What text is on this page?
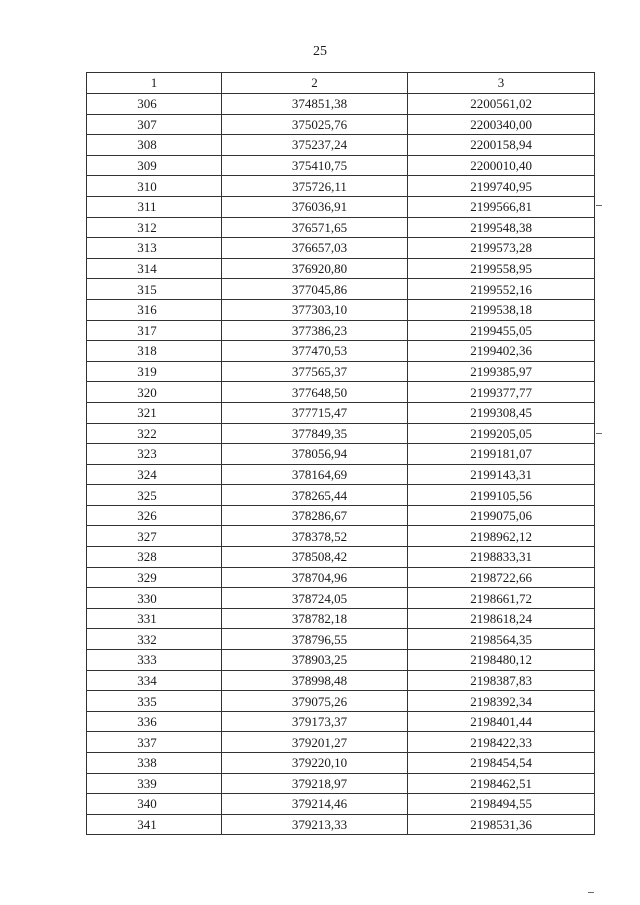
25
1	2	3
306	374851,38	2200561,02
307	375025,76	2200340,00
308	375237,24	2200158,94
309	375410,75	2200010,40
310	375726,11	2199740,95
311	376036,91	2199566,81
312	376571,65	2199548,38
313	376657,03	2199573,28
314	376920,80	2199558,95
315	377045,86	2199552,16
316	377303,10	2199538,18
317	377386,23	2199455,05
318	377470,53	2199402,36
319	377565,37	2199385,97
320	377648,50	2199377,77
321	377715,47	2199308,45
322	377849,35	2199205,05
323	378056,94	2199181,07
324	378164,69	2199143,31
325	378265,44	2199105,56
326	378286,67	2199075,06
327	378378,52	2198962,12
328	378508,42	2198833,31
329	378704,96	2198722,66
330	378724,05	2198661,72
331	378782,18	2198618,24
332	378796,55	2198564,35
333	378903,25	2198480,12
334	378998,48	2198387,83
335	379075,26	2198392,34
336	379173,37	2198401,44
337	379201,27	2198422,33
338	379220,10	2198454,54
339	379218,97	2198462,51
340	379214,46	2198494,55
341	379213,33	2198531,36
